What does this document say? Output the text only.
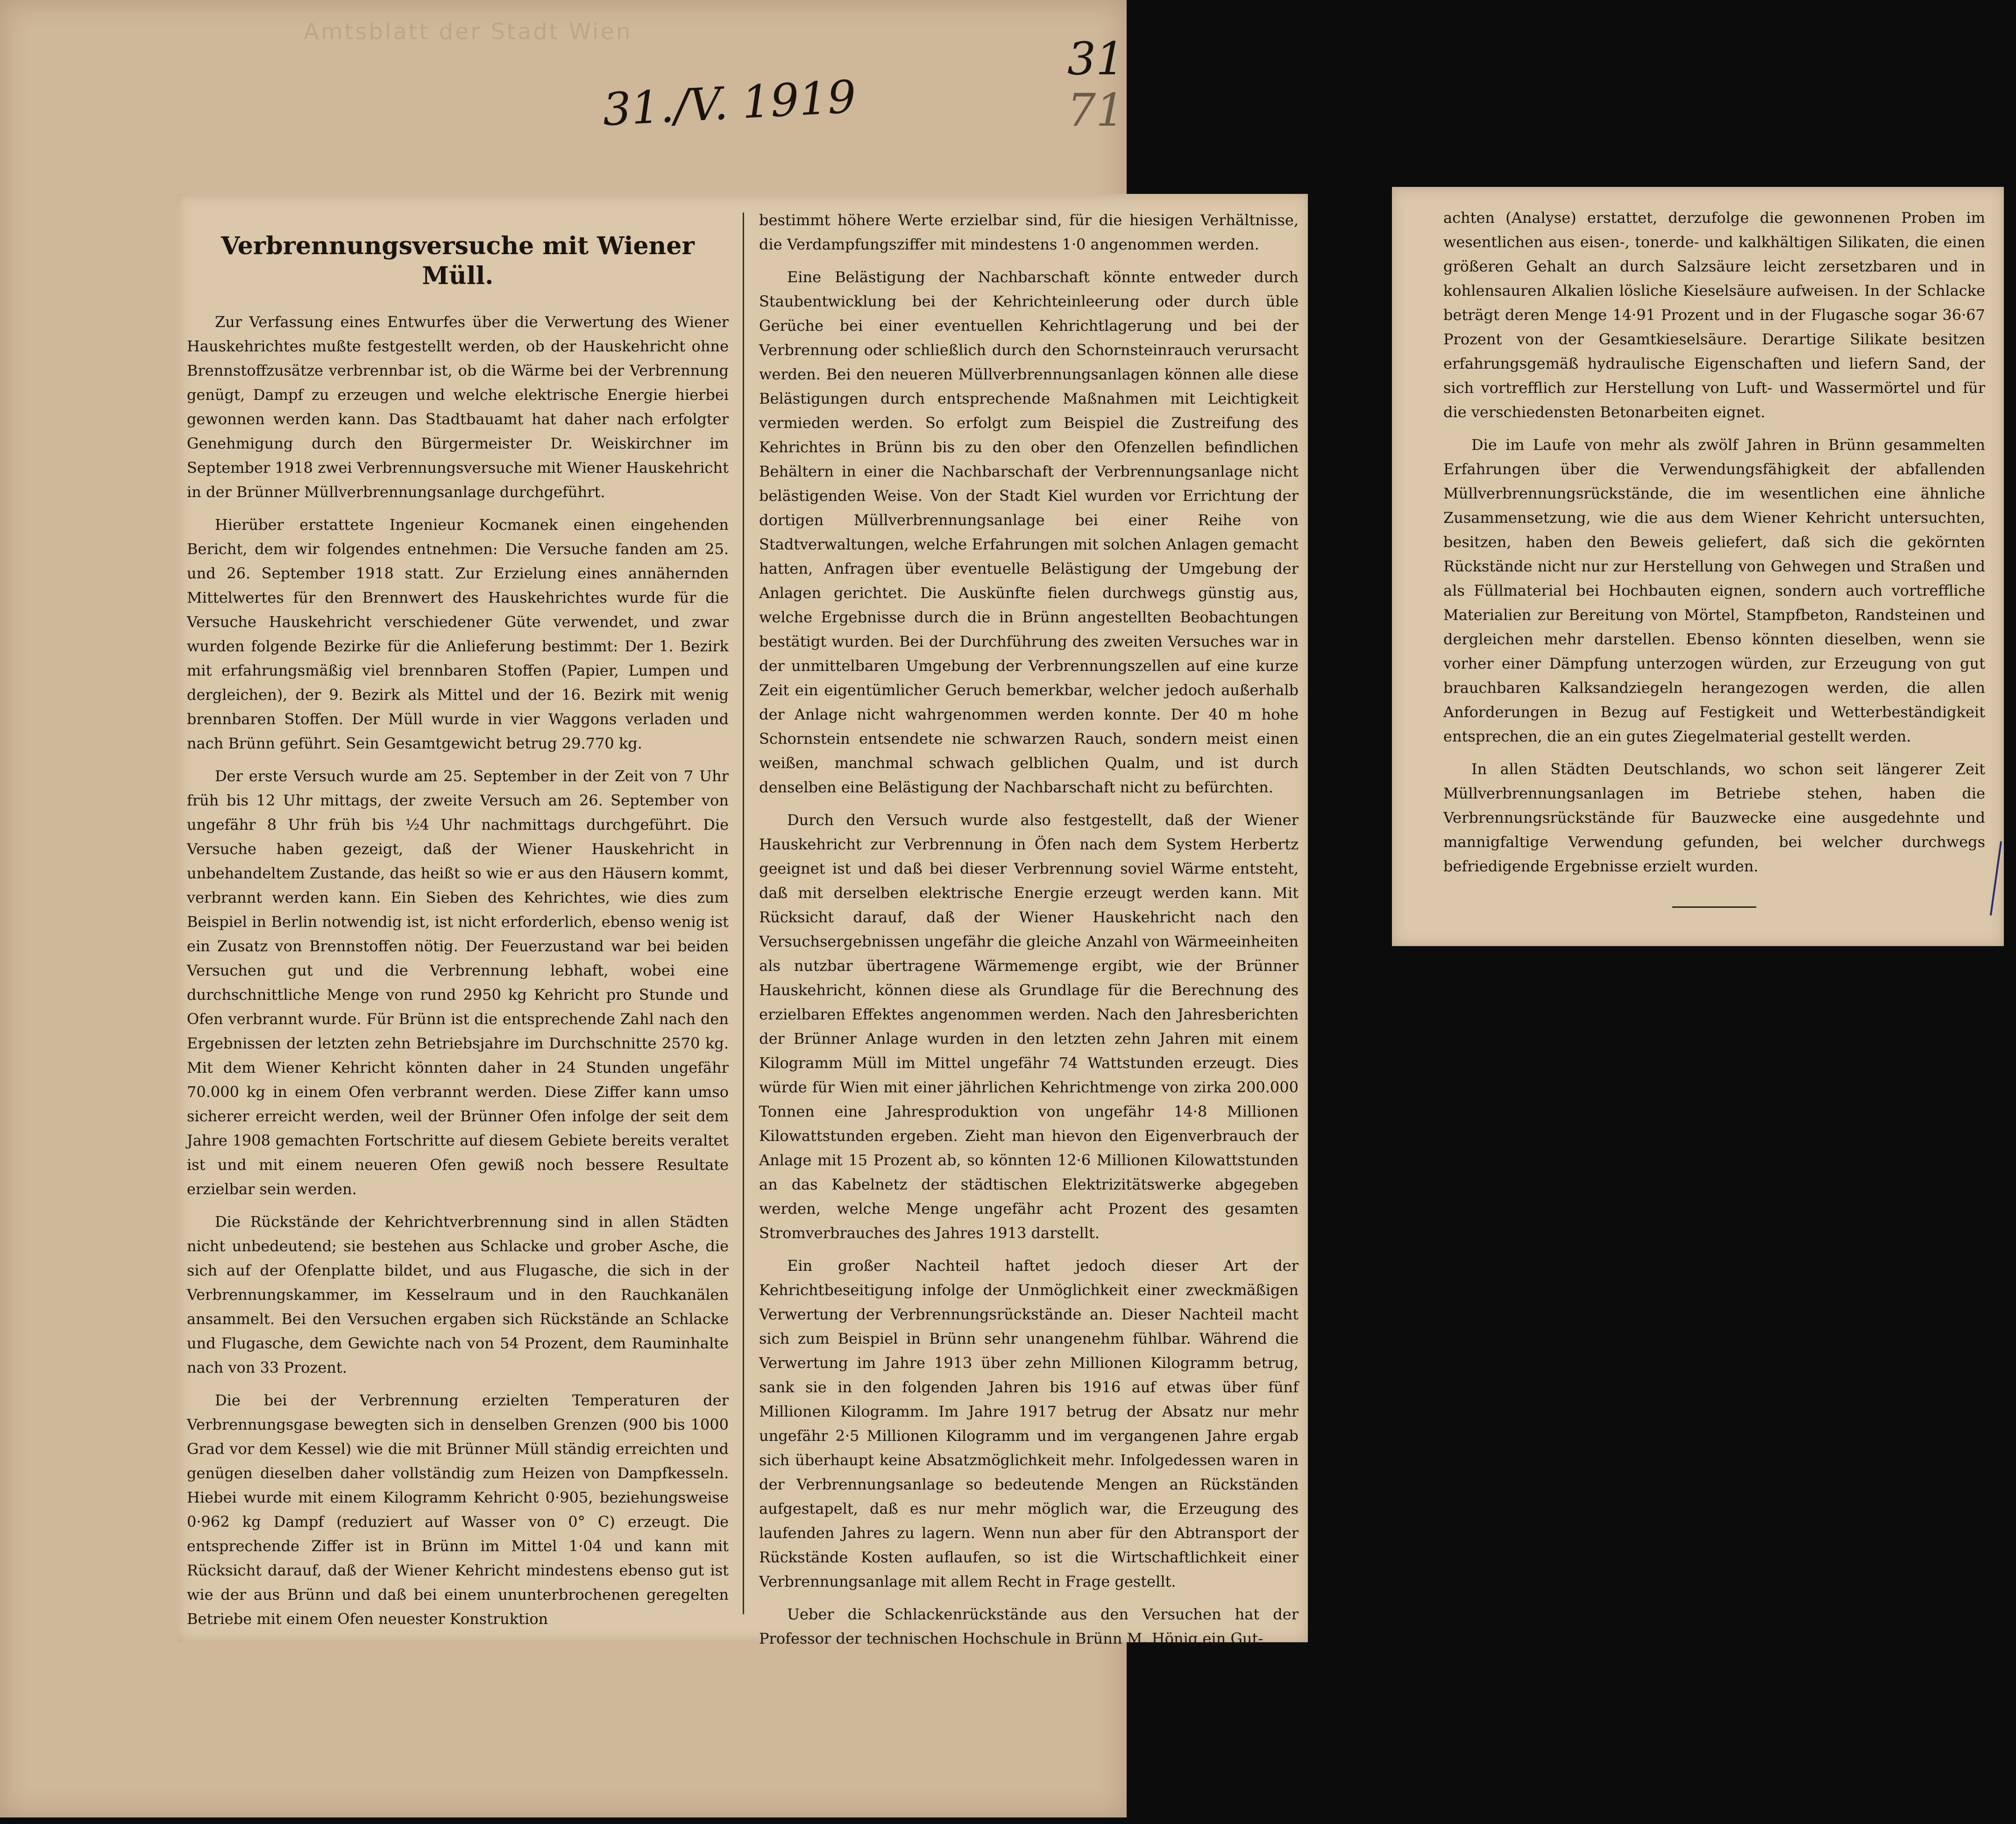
Amtsblatt der Stadt Wien
31./V. 1919
31
71
Verbrennungsversuche mit Wiener Müll.

Zur Verfassung eines Entwurfes über die Verwertung des Wiener Hauskehrichtes mußte festgestellt werden, ob der Hauskehricht ohne Brennstoffzusätze verbrennbar ist, ob die Wärme bei der Verbrennung genügt, Dampf zu erzeugen und welche elektrische Energie hierbei gewonnen werden kann. Das Stadtbauamt hat daher nach erfolgter Genehmigung durch den Bürgermeister Dr. Weiskirchner im September 1918 zwei Verbrennungsversuche mit Wiener Hauskehricht in der Brünner Müllverbrennungsanlage durchgeführt.

Hierüber erstattete Ingenieur Kocmanek einen eingehenden Bericht, dem wir folgendes entnehmen: Die Versuche fanden am 25. und 26. September 1918 statt. Zur Erzielung eines annähernden Mittelwertes für den Brennwert des Hauskehrichtes wurde für die Versuche Hauskehricht verschiedener Güte verwendet, und zwar wurden folgende Bezirke für die Anlieferung bestimmt: Der 1. Bezirk mit erfahrungsmäßig viel brennbaren Stoffen (Papier, Lumpen und dergleichen), der 9. Bezirk als Mittel und der 16. Bezirk mit wenig brennbaren Stoffen. Der Müll wurde in vier Waggons verladen und nach Brünn geführt. Sein Gesamtgewicht betrug 29.770 kg.

Der erste Versuch wurde am 25. September in der Zeit von 7 Uhr früh bis 12 Uhr mittags, der zweite Versuch am 26. September von ungefähr 8 Uhr früh bis ½4 Uhr nachmittags durchgeführt. Die Versuche haben gezeigt, daß der Wiener Hauskehricht in unbehandeltem Zustande, das heißt so wie er aus den Häusern kommt, verbrannt werden kann. Ein Sieben des Kehrichtes, wie dies zum Beispiel in Berlin notwendig ist, ist nicht erforderlich, ebenso wenig ist ein Zusatz von Brennstoffen nötig. Der Feuerzustand war bei beiden Versuchen gut und die Verbrennung lebhaft, wobei eine durchschnittliche Menge von rund 2950 kg Kehricht pro Stunde und Ofen verbrannt wurde. Für Brünn ist die entsprechende Zahl nach den Ergebnissen der letzten zehn Betriebsjahre im Durchschnitte 2570 kg. Mit dem Wiener Kehricht könnten daher in 24 Stunden ungefähr 70.000 kg in einem Ofen verbrannt werden. Diese Ziffer kann umso sicherer erreicht werden, weil der Brünner Ofen infolge der seit dem Jahre 1908 gemachten Fortschritte auf diesem Gebiete bereits veraltet ist und mit einem neueren Ofen gewiß noch bessere Resultate erzielbar sein werden.

Die Rückstände der Kehrichtverbrennung sind in allen Städten nicht unbedeutend; sie bestehen aus Schlacke und grober Asche, die sich auf der Ofenplatte bildet, und aus Flugasche, die sich in der Verbrennungskammer, im Kesselraum und in den Rauchkanälen ansammelt. Bei den Versuchen ergaben sich Rückstände an Schlacke und Flugasche, dem Gewichte nach von 54 Prozent, dem Rauminhalte nach von 33 Prozent.

Die bei der Verbrennung erzielten Temperaturen der Verbrennungsgase bewegten sich in denselben Grenzen (900 bis 1000 Grad vor dem Kessel) wie die mit Brünner Müll ständig erreichten und genügen dieselben daher vollständig zum Heizen von Dampfkesseln. Hiebei wurde mit einem Kilogramm Kehricht 0·905, beziehungsweise 0·962 kg Dampf (reduziert auf Wasser von 0° C) erzeugt. Die entsprechende Ziffer ist in Brünn im Mittel 1·04 und kann mit Rücksicht darauf, daß der Wiener Kehricht mindestens ebenso gut ist wie der aus Brünn und daß bei einem ununterbrochenen geregelten Betriebe mit einem Ofen neuester Konstruktion

bestimmt höhere Werte erzielbar sind, für die hiesigen Verhältnisse, die Verdampfungsziffer mit mindestens 1·0 angenommen werden.

Eine Belästigung der Nachbarschaft könnte entweder durch Staubentwicklung bei der Kehrichteinleerung oder durch üble Gerüche bei einer eventuellen Kehrichtlagerung und bei der Verbrennung oder schließlich durch den Schornsteinrauch verursacht werden. Bei den neueren Müllverbrennungsanlagen können alle diese Belästigungen durch entsprechende Maßnahmen mit Leichtigkeit vermieden werden. So erfolgt zum Beispiel die Zustreifung des Kehrichtes in Brünn bis zu den ober den Ofenzellen befindlichen Behältern in einer die Nachbarschaft der Verbrennungsanlage nicht belästigenden Weise. Von der Stadt Kiel wurden vor Errichtung der dortigen Müllverbrennungsanlage bei einer Reihe von Stadtverwaltungen, welche Erfahrungen mit solchen Anlagen gemacht hatten, Anfragen über eventuelle Belästigung der Umgebung der Anlagen gerichtet. Die Auskünfte fielen durchwegs günstig aus, welche Ergebnisse durch die in Brünn angestellten Beobachtungen bestätigt wurden. Bei der Durchführung des zweiten Versuches war in der unmittelbaren Umgebung der Verbrennungszellen auf eine kurze Zeit ein eigentümlicher Geruch bemerkbar, welcher jedoch außerhalb der Anlage nicht wahrgenommen werden konnte. Der 40 m hohe Schornstein entsendete nie schwarzen Rauch, sondern meist einen weißen, manchmal schwach gelblichen Qualm, und ist durch denselben eine Belästigung der Nachbarschaft nicht zu befürchten.

Durch den Versuch wurde also festgestellt, daß der Wiener Hauskehricht zur Verbrennung in Öfen nach dem System Herbertz geeignet ist und daß bei dieser Verbrennung soviel Wärme entsteht, daß mit derselben elektrische Energie erzeugt werden kann. Mit Rücksicht darauf, daß der Wiener Hauskehricht nach den Versuchsergebnissen ungefähr die gleiche Anzahl von Wärmeeinheiten als nutzbar übertragene Wärmemenge ergibt, wie der Brünner Hauskehricht, können diese als Grundlage für die Berechnung des erzielbaren Effektes angenommen werden. Nach den Jahresberichten der Brünner Anlage wurden in den letzten zehn Jahren mit einem Kilogramm Müll im Mittel ungefähr 74 Wattstunden erzeugt. Dies würde für Wien mit einer jährlichen Kehrichtmenge von zirka 200.000 Tonnen eine Jahresproduktion von ungefähr 14·8 Millionen Kilowattstunden ergeben. Zieht man hievon den Eigenverbrauch der Anlage mit 15 Prozent ab, so könnten 12·6 Millionen Kilowattstunden an das Kabelnetz der städtischen Elektrizitätswerke abgegeben werden, welche Menge ungefähr acht Prozent des gesamten Stromverbrauches des Jahres 1913 darstellt.

Ein großer Nachteil haftet jedoch dieser Art der Kehrichtbeseitigung infolge der Unmöglichkeit einer zweckmäßigen Verwertung der Verbrennungsrückstände an. Dieser Nachteil macht sich zum Beispiel in Brünn sehr unangenehm fühlbar. Während die Verwertung im Jahre 1913 über zehn Millionen Kilogramm betrug, sank sie in den folgenden Jahren bis 1916 auf etwas über fünf Millionen Kilogramm. Im Jahre 1917 betrug der Absatz nur mehr ungefähr 2·5 Millionen Kilogramm und im vergangenen Jahre ergab sich überhaupt keine Absatzmöglichkeit mehr. Infolgedessen waren in der Verbrennungsanlage so bedeutende Mengen an Rückständen aufgestapelt, daß es nur mehr möglich war, die Erzeugung des laufenden Jahres zu lagern. Wenn nun aber für den Abtransport der Rückstände Kosten auflaufen, so ist die Wirtschaftlichkeit einer Verbrennungsanlage mit allem Recht in Frage gestellt.

Ueber die Schlackenrückstände aus den Versuchen hat der Professor der technischen Hochschule in Brünn M. Hönig ein Gut-

achten (Analyse) erstattet, derzufolge die gewonnenen Proben im wesentlichen aus eisen-, tonerde- und kalkhältigen Silikaten, die einen größeren Gehalt an durch Salzsäure leicht zersetzbaren und in kohlensauren Alkalien lösliche Kieselsäure aufweisen. In der Schlacke beträgt deren Menge 14·91 Prozent und in der Flugasche sogar 36·67 Prozent von der Gesamtkieselsäure. Derartige Silikate besitzen erfahrungsgemäß hydraulische Eigenschaften und liefern Sand, der sich vortrefflich zur Herstellung von Luft- und Wassermörtel und für die verschiedensten Betonarbeiten eignet.

Die im Laufe von mehr als zwölf Jahren in Brünn gesammelten Erfahrungen über die Verwendungsfähigkeit der abfallenden Müllverbrennungsrückstände, die im wesentlichen eine ähnliche Zusammensetzung, wie die aus dem Wiener Kehricht untersuchten, besitzen, haben den Beweis geliefert, daß sich die gekörnten Rückstände nicht nur zur Herstellung von Gehwegen und Straßen und als Füllmaterial bei Hochbauten eignen, sondern auch vortreffliche Materialien zur Bereitung von Mörtel, Stampfbeton, Randsteinen und dergleichen mehr darstellen. Ebenso könnten dieselben, wenn sie vorher einer Dämpfung unterzogen würden, zur Erzeugung von gut brauchbaren Kalksandziegeln herangezogen werden, die allen Anforderungen in Bezug auf Festigkeit und Wetterbeständigkeit entsprechen, die an ein gutes Ziegelmaterial gestellt werden.

In allen Städten Deutschlands, wo schon seit längerer Zeit Müllverbrennungsanlagen im Betriebe stehen, haben die Verbrennungsrückstände für Bauzwecke eine ausgedehnte und mannigfaltige Verwendung gefunden, bei welcher durchwegs befriedigende Ergebnisse erzielt wurden.
